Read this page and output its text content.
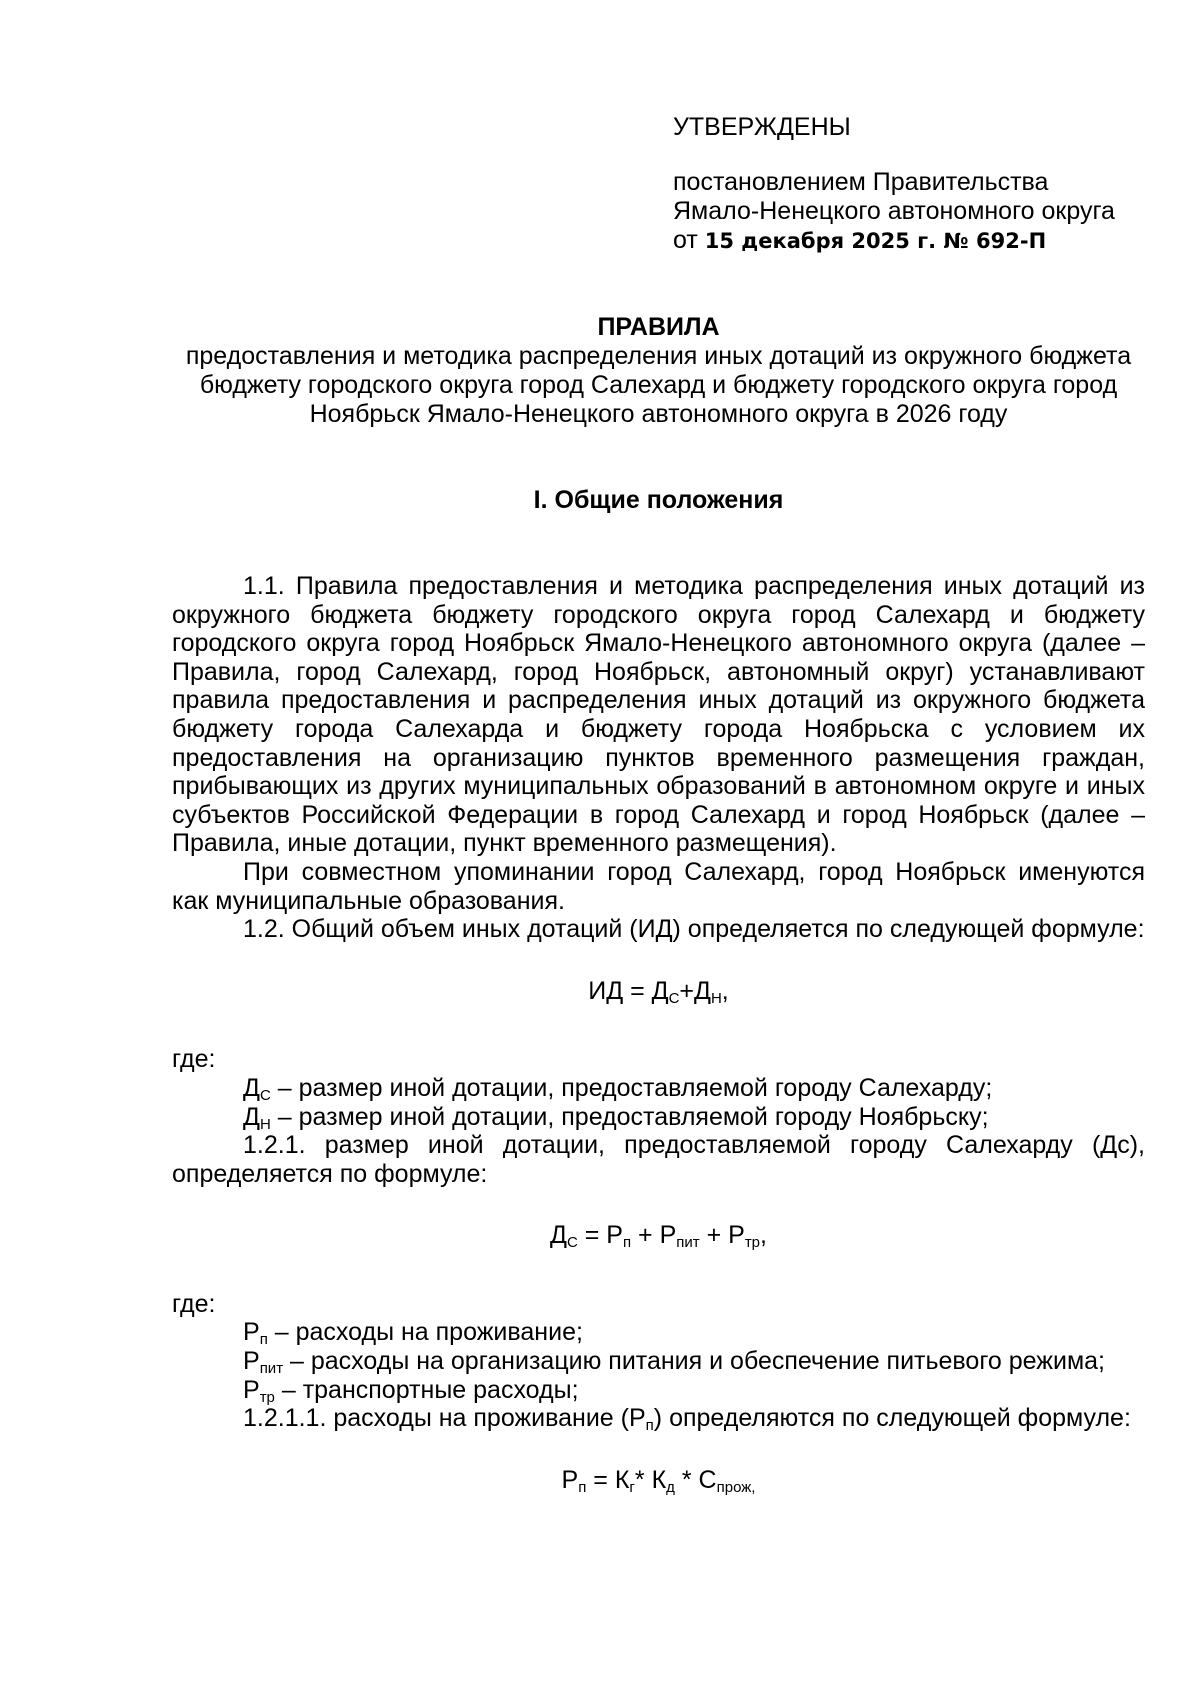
УТВЕРЖДЕНЫ
постановлением Правительства
Ямало-Ненецкого автономного округа
от 15 декабря 2025 г. № 692-П
ПРАВИЛА
предоставления и методика распределения иных дотаций из окружного бюджета бюджету городского округа город Салехард и бюджету городского округа город Ноябрьск Ямало-Ненецкого автономного округа в 2026 году
I. Общие положения

1.1. Правила предоставления и методика распределения иных дотаций из окружного бюджета бюджету городского округа город Салехард и бюджету городского округа город Ноябрьск Ямало-Ненецкого автономного округа (далее – Правила, город Салехард, город Ноябрьск, автономный округ) устанавливают правила предоставления и распределения иных дотаций из окружного бюджета бюджету города Салехарда и бюджету города Ноябрьска с условием их предоставления на организацию пунктов временного размещения граждан, прибывающих из других муниципальных образований в автономном округе и иных субъектов Российской Федерации в город Салехард и город Ноябрьск (далее – Правила, иные дотации, пункт временного размещения).

При совместном упоминании город Салехард, город Ноябрьск именуются как муниципальные образования.

1.2. Общий объем иных дотаций (ИД) определяется по следующей формуле:

ИД = $Д_С+Д_Н$,

где:

$Д_С$ – размер иной дотации, предоставляемой городу Салехарду;

$Д_Н$ – размер иной дотации, предоставляемой городу Ноябрьску;

1.2.1. размер иной дотации, предоставляемой городу Салехарду (Дс), определяется по формуле:

$Д_С = Р_п + Р_{пит} + Р_{тр}$,

где:

$Р_п$ – расходы на проживание;

$Р_{пит}$ – расходы на организацию питания и обеспечение питьевого режима;

$Р_{тр}$ – транспортные расходы;

1.2.1.1. расходы на проживание $(Р_п)$ определяются по следующей формуле:

$Р_п = К_г*$ $К_д * С_{прож,}$
